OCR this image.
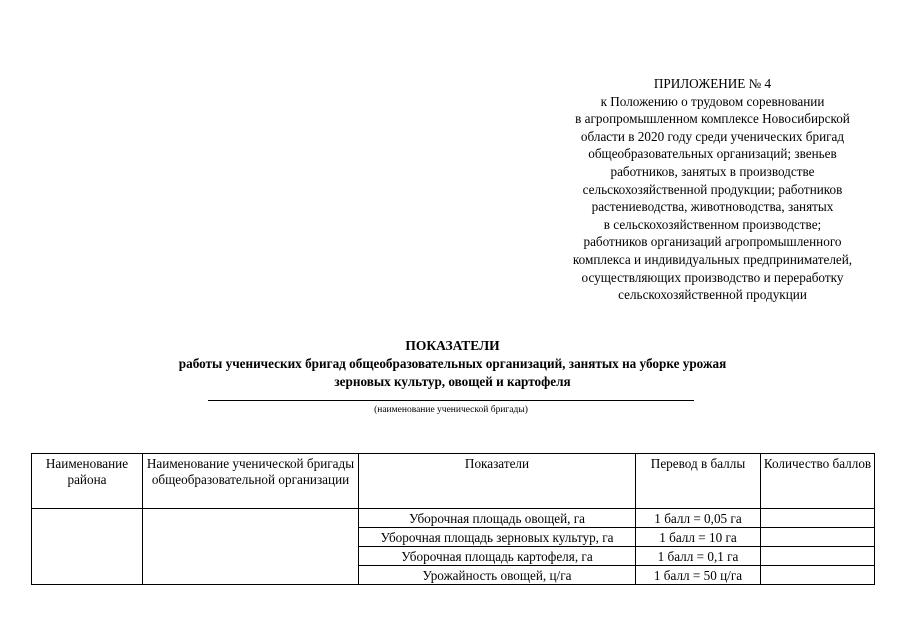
ПРИЛОЖЕНИЕ № 4
к Положению о трудовом соревновании
в агропромышленном комплексе Новосибирской
области в 2020 году среди ученических бригад
общеобразовательных организаций; звеньев
работников, занятых в производстве
сельскохозяйственной продукции; работников
растениеводства, животноводства, занятых
в сельскохозяйственном производстве;
работников организаций агропромышленного
комплекса и индивидуальных предпринимателей,
осуществляющих производство и переработку
сельскохозяйственной продукции
ПОКАЗАТЕЛИ
работы ученических бригад общеобразовательных организаций, занятых на уборке урожая
зерновых культур, овощей и картофеля
(наименование ученической бригады)
Наименование района	Наименование ученической бригады общеобразовательной организации	Показатели	Перевод в баллы	Количество баллов
		Уборочная площадь овощей, га	1 балл = 0,05 га	
		Уборочная площадь зерновых культур, га	1 балл = 10 га	
		Уборочная площадь картофеля, га	1 балл = 0,1 га	
		Урожайность овощей, ц/га	1 балл = 50 ц/га	
